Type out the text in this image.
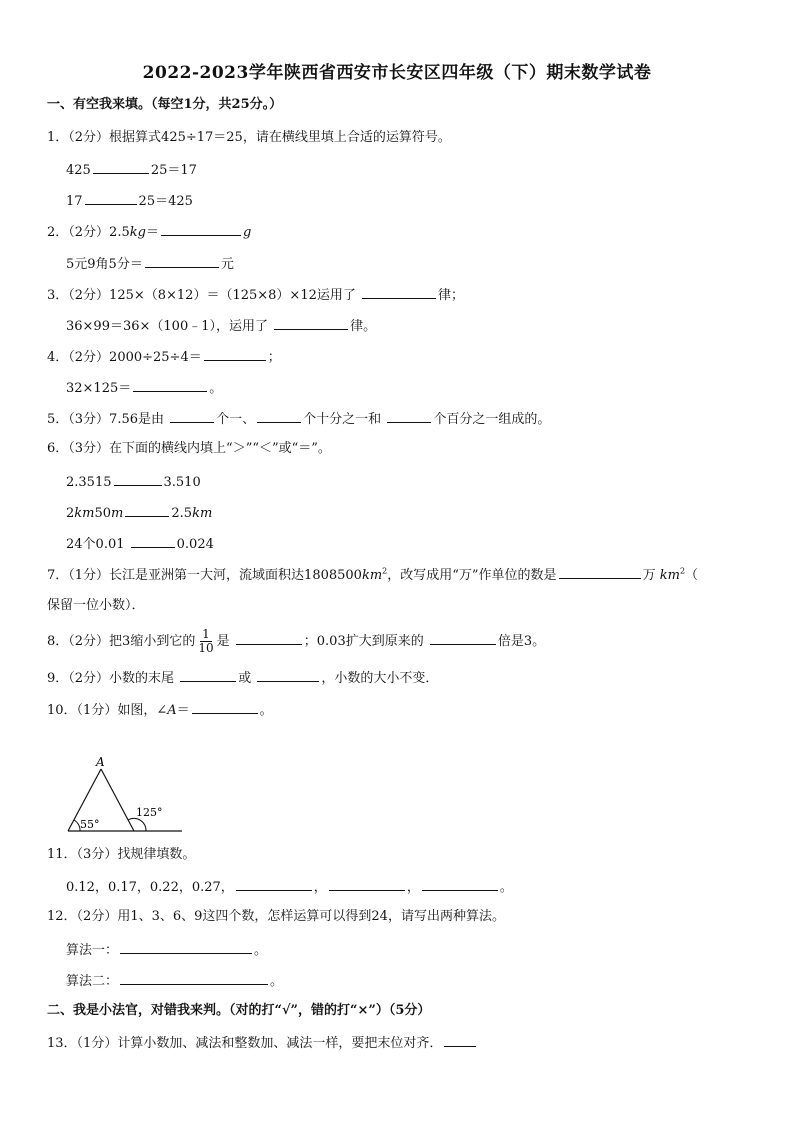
2022-2023学年陕西省西安市长安区四年级（下）期末数学试卷
一、有空我来填。（每空1分，共25分。）
1．（2分）根据算式425÷17＝25，请在横线里填上合适的运算符号。
425	25＝17
17	25＝425
2．（2分）2.5kg＝	g
5元9角5分＝	元
3．（2分）125×（8×12）＝（125×8）×12运用了	律；
36×99＝36×（100﹣1），运用了	律。
4．（2分）2000÷25÷4＝	；
32×125＝	。
5．（3分）7.56是由	个一、	个十分之一和	个百分之一组成的。
6．（3分）在下面的横线内填上“＞”“＜”或“＝”。
2.3515	3.510
2km50m	2.5km
24个0.01	0.024
7．（1分）长江是亚洲第一大河，流域面积达$1808500km^2$，改写成用“万”作单位的数是	万 $km^2$（
保留一位小数）．
8．（2分）把3缩小到它的 $\frac{1}{10}$ 是	；0.03扩大到原来的	倍是3。
9．（2分）小数的末尾	或	，小数的大小不变．
10．（1分）如图，∠A＝	。
A
55°
125°
11．（3分）找规律填数。
0.12，0.17，0.22，0.27，	，	，	。
12．（2分）用1、3、6、9这四个数，怎样运算可以得到24，请写出两种算法。
算法一：	。
算法二：	。
二、我是小法官，对错我来判。（对的打“√”，错的打“×”）（5分）
13．（1分）计算小数加、减法和整数加、减法一样，要把末位对齐．
